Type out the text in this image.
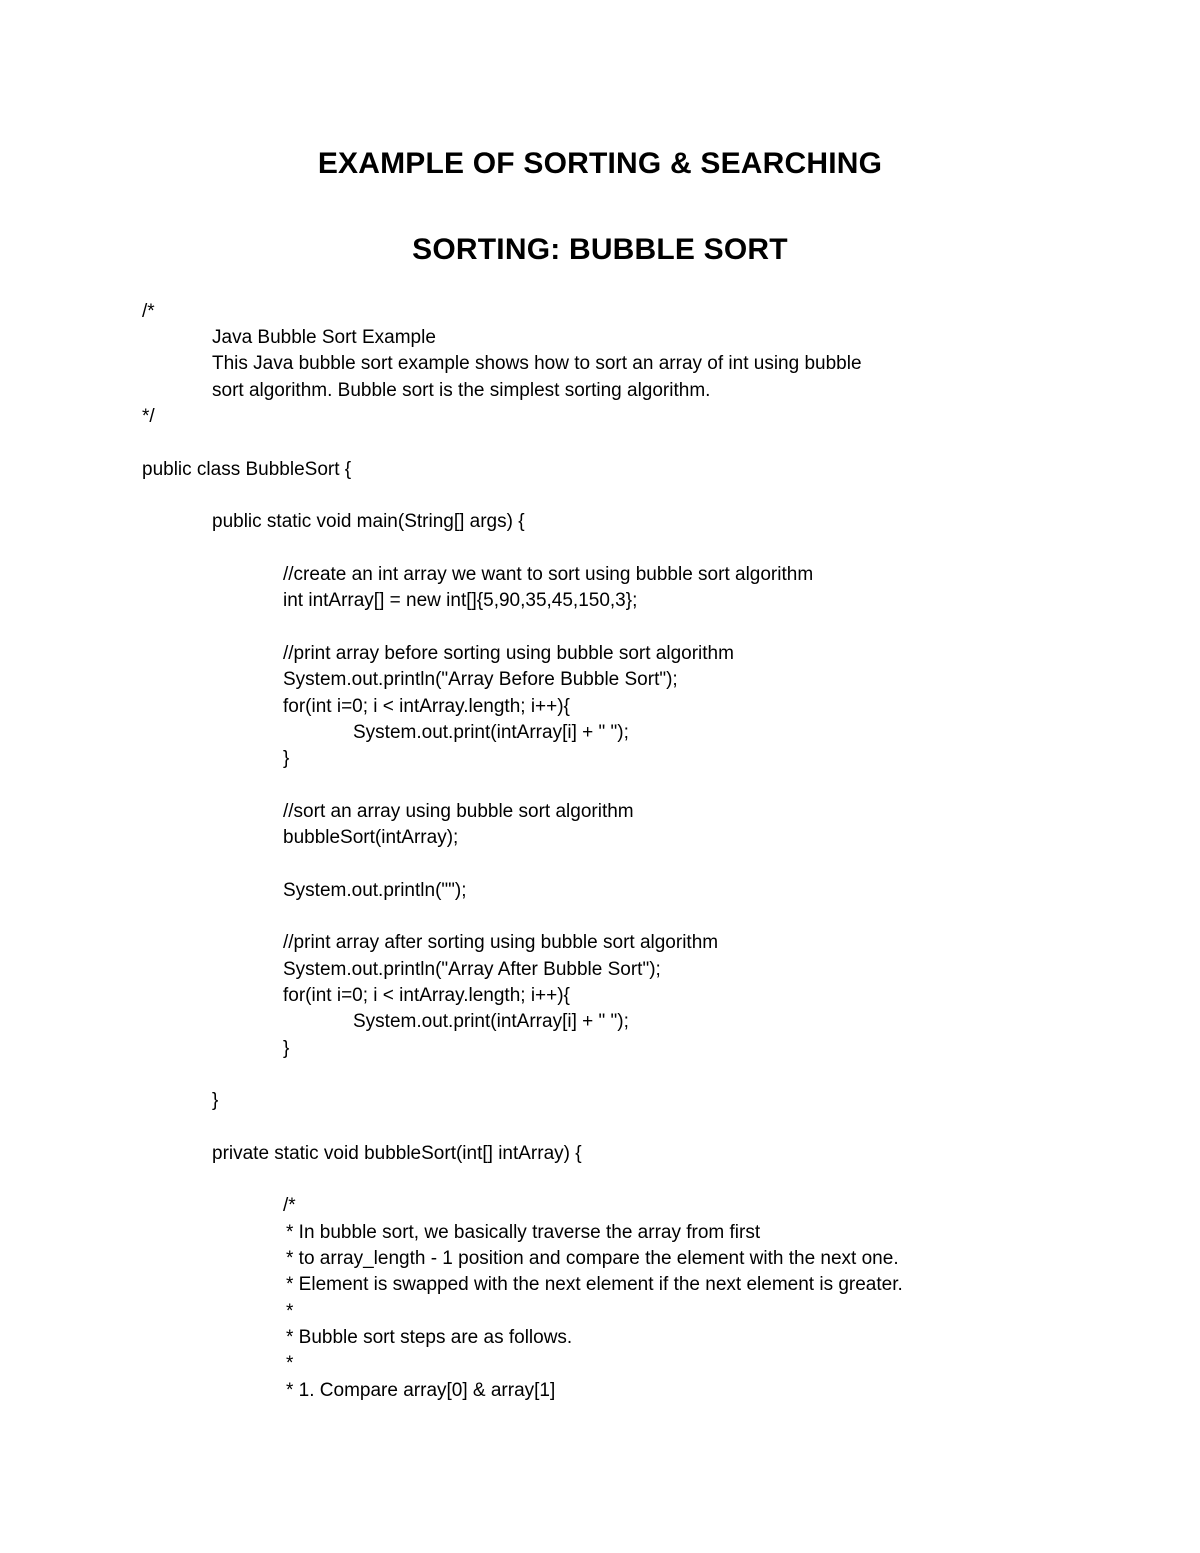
EXAMPLE OF SORTING & SEARCHING
SORTING: BUBBLE SORT
/*
Java Bubble Sort Example
This Java bubble sort example shows how to sort an array of int using bubble
sort algorithm. Bubble sort is the simplest sorting algorithm.
*/
public class BubbleSort {
public static void main(String[] args) {
//create an int array we want to sort using bubble sort algorithm
int intArray[] = new int[]{5,90,35,45,150,3};
//print array before sorting using bubble sort algorithm
System.out.println("Array Before Bubble Sort");
for(int i=0; i < intArray.length; i++){
System.out.print(intArray[i] + " ");
}
//sort an array using bubble sort algorithm
bubbleSort(intArray);
System.out.println("");
//print array after sorting using bubble sort algorithm
System.out.println("Array After Bubble Sort");
for(int i=0; i < intArray.length; i++){
System.out.print(intArray[i] + " ");
}
}
private static void bubbleSort(int[] intArray) {
/*
* In bubble sort, we basically traverse the array from first
* to array_length - 1 position and compare the element with the next one.
* Element is swapped with the next element if the next element is greater.
*
* Bubble sort steps are as follows.
*
* 1. Compare array[0] & array[1]
